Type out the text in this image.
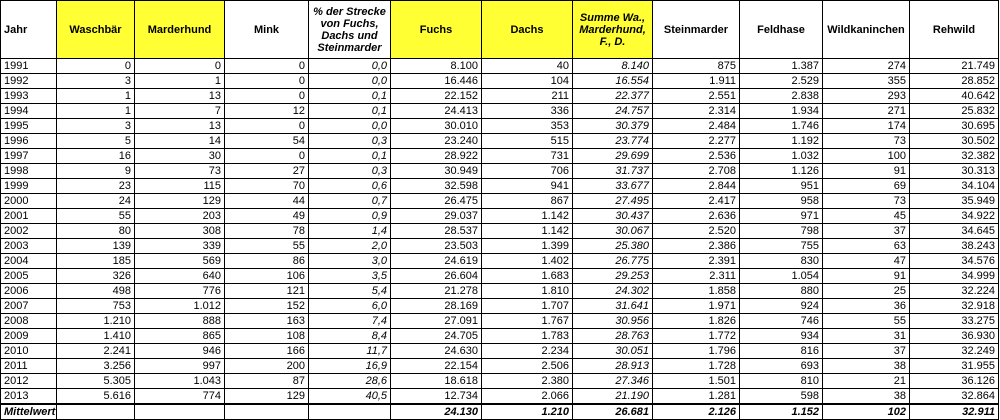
Jahr	Waschbär	Marderhund	Mink	% der Strecke von Fuchs, Dachs und Steinmarder	Fuchs	Dachs	Summe Wa., Marderhund, F., D.	Steinmarder	Feldhase	Wildkaninchen	Rehwild
1991	0	0	0	0,0	8.100	40	8.140	875	1.387	274	21.749
1992	3	1	0	0,0	16.446	104	16.554	1.911	2.529	355	28.852
1993	1	13	0	0,1	22.152	211	22.377	2.551	2.838	293	40.642
1994	1	7	12	0,1	24.413	336	24.757	2.314	1.934	271	25.832
1995	3	13	0	0,0	30.010	353	30.379	2.484	1.746	174	30.695
1996	5	14	54	0,3	23.240	515	23.774	2.277	1.192	73	30.502
1997	16	30	0	0,1	28.922	731	29.699	2.536	1.032	100	32.382
1998	9	73	27	0,3	30.949	706	31.737	2.708	1.126	91	30.313
1999	23	115	70	0,6	32.598	941	33.677	2.844	951	69	34.104
2000	24	129	44	0,7	26.475	867	27.495	2.417	958	73	35.949
2001	55	203	49	0,9	29.037	1.142	30.437	2.636	971	45	34.922
2002	80	308	78	1,4	28.537	1.142	30.067	2.520	798	37	34.645
2003	139	339	55	2,0	23.503	1.399	25.380	2.386	755	63	38.243
2004	185	569	86	3,0	24.619	1.402	26.775	2.391	830	47	34.576
2005	326	640	106	3,5	26.604	1.683	29.253	2.311	1.054	91	34.999
2006	498	776	121	5,4	21.278	1.810	24.302	1.858	880	25	32.224
2007	753	1.012	152	6,0	28.169	1.707	31.641	1.971	924	36	32.918
2008	1.210	888	163	7,4	27.091	1.767	30.956	1.826	746	55	33.275
2009	1.410	865	108	8,4	24.705	1.783	28.763	1.772	934	31	36.930
2010	2.241	946	166	11,7	24.630	2.234	30.051	1.796	816	37	32.249
2011	3.256	997	200	16,9	22.154	2.506	28.913	1.728	693	38	31.955
2012	5.305	1.043	87	28,6	18.618	2.380	27.346	1.501	810	21	36.126
2013	5.616	774	129	40,5	12.734	2.066	21.190	1.281	598	38	32.864
Mittelwert					24.130	1.210	26.681	2.126	1.152	102	32.911
